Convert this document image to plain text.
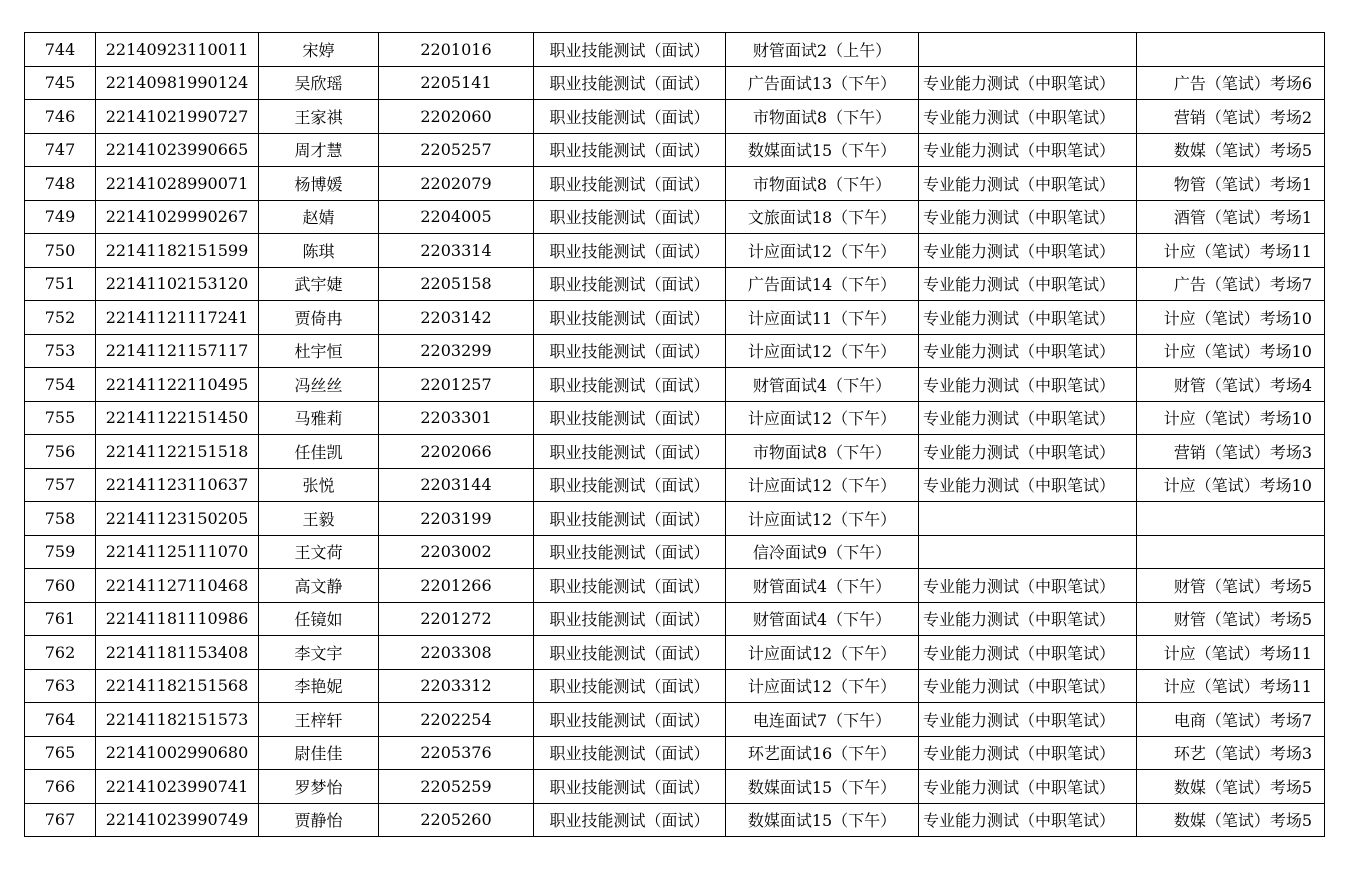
744	22140923110011	宋婷	2201016	职业技能测试（面试）	财管面试2（上午）		
745	22140981990124	吴欣瑶	2205141	职业技能测试（面试）	广告面试13（下午）	专业能力测试（中职笔试）	广告（笔试）考场6
746	22141021990727	王家祺	2202060	职业技能测试（面试）	市物面试8（下午）	专业能力测试（中职笔试）	营销（笔试）考场2
747	22141023990665	周才慧	2205257	职业技能测试（面试）	数媒面试15（下午）	专业能力测试（中职笔试）	数媒（笔试）考场5
748	22141028990071	杨博媛	2202079	职业技能测试（面试）	市物面试8（下午）	专业能力测试（中职笔试）	物管（笔试）考场1
749	22141029990267	赵婧	2204005	职业技能测试（面试）	文旅面试18（下午）	专业能力测试（中职笔试）	酒管（笔试）考场1
750	22141182151599	陈琪	2203314	职业技能测试（面试）	计应面试12（下午）	专业能力测试（中职笔试）	计应（笔试）考场11
751	22141102153120	武宇婕	2205158	职业技能测试（面试）	广告面试14（下午）	专业能力测试（中职笔试）	广告（笔试）考场7
752	22141121117241	贾倚冉	2203142	职业技能测试（面试）	计应面试11（下午）	专业能力测试（中职笔试）	计应（笔试）考场10
753	22141121157117	杜宇恒	2203299	职业技能测试（面试）	计应面试12（下午）	专业能力测试（中职笔试）	计应（笔试）考场10
754	22141122110495	冯丝丝	2201257	职业技能测试（面试）	财管面试4（下午）	专业能力测试（中职笔试）	财管（笔试）考场4
755	22141122151450	马雅莉	2203301	职业技能测试（面试）	计应面试12（下午）	专业能力测试（中职笔试）	计应（笔试）考场10
756	22141122151518	任佳凯	2202066	职业技能测试（面试）	市物面试8（下午）	专业能力测试（中职笔试）	营销（笔试）考场3
757	22141123110637	张悦	2203144	职业技能测试（面试）	计应面试12（下午）	专业能力测试（中职笔试）	计应（笔试）考场10
758	22141123150205	王毅	2203199	职业技能测试（面试）	计应面试12（下午）		
759	22141125111070	王文荷	2203002	职业技能测试（面试）	信冷面试9（下午）		
760	22141127110468	高文静	2201266	职业技能测试（面试）	财管面试4（下午）	专业能力测试（中职笔试）	财管（笔试）考场5
761	22141181110986	任镜如	2201272	职业技能测试（面试）	财管面试4（下午）	专业能力测试（中职笔试）	财管（笔试）考场5
762	22141181153408	李文宇	2203308	职业技能测试（面试）	计应面试12（下午）	专业能力测试（中职笔试）	计应（笔试）考场11
763	22141182151568	李艳妮	2203312	职业技能测试（面试）	计应面试12（下午）	专业能力测试（中职笔试）	计应（笔试）考场11
764	22141182151573	王梓轩	2202254	职业技能测试（面试）	电连面试7（下午）	专业能力测试（中职笔试）	电商（笔试）考场7
765	22141002990680	尉佳佳	2205376	职业技能测试（面试）	环艺面试16（下午）	专业能力测试（中职笔试）	环艺（笔试）考场3
766	22141023990741	罗梦怡	2205259	职业技能测试（面试）	数媒面试15（下午）	专业能力测试（中职笔试）	数媒（笔试）考场5
767	22141023990749	贾静怡	2205260	职业技能测试（面试）	数媒面试15（下午）	专业能力测试（中职笔试）	数媒（笔试）考场5
